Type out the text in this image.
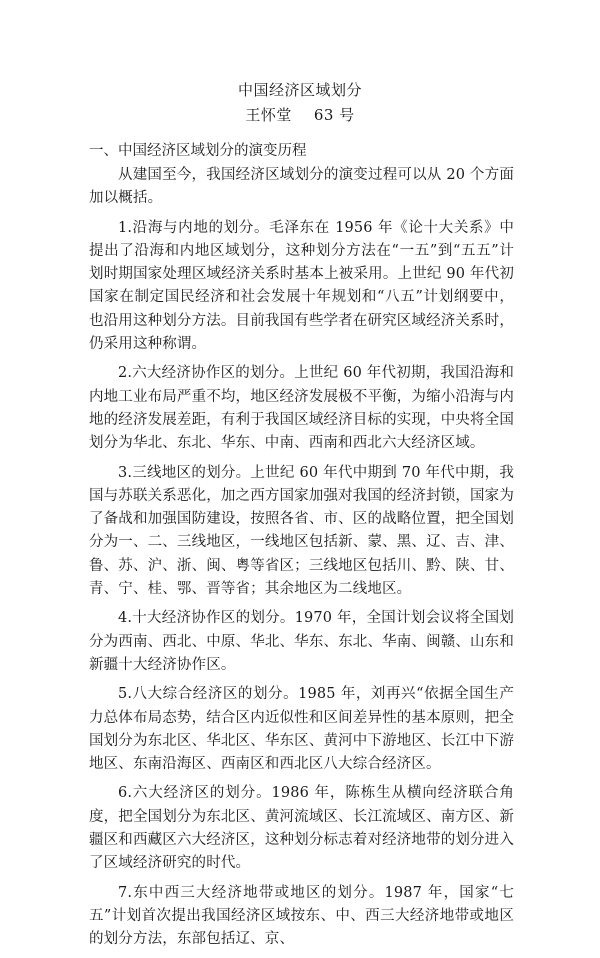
中国经济区域划分
王怀堂 63 号
一、中国经济区域划分的演变历程

从建国至今，我国经济区域划分的演变过程可以从 20 个方面加以概括。

1.沿海与内地的划分。毛泽东在 1956 年《论十大关系》中提出了沿海和内地区域划分，这种划分方法在“一五”到“五五”计划时期国家处理区域经济关系时基本上被采用。上世纪 90 年代初国家在制定国民经济和社会发展十年规划和“八五”计划纲要中，也沿用这种划分方法。目前我国有些学者在研究区域经济关系时，仍采用这种称谓。

2.六大经济协作区的划分。上世纪 60 年代初期，我国沿海和内地工业布局严重不均，地区经济发展极不平衡，为缩小沿海与内地的经济发展差距，有利于我国区域经济目标的实现，中央将全国划分为华北、东北、华东、中南、西南和西北六大经济区域。

3.三线地区的划分。上世纪 60 年代中期到 70 年代中期，我国与苏联关系恶化，加之西方国家加强对我国的经济封锁，国家为了备战和加强国防建设，按照各省、市、区的战略位置，把全国划分为一、二、三线地区，一线地区包括新、蒙、黑、辽、吉、津、鲁、苏、沪、浙、闽、粤等省区；三线地区包括川、黔、陕、甘、青、宁、桂、鄂、晋等省；其余地区为二线地区。

4.十大经济协作区的划分。1970 年，全国计划会议将全国划分为西南、西北、中原、华北、华东、东北、华南、闽赣、山东和新疆十大经济协作区。

5.八大综合经济区的划分。1985 年，刘再兴“依据全国生产力总体布局态势，结合区内近似性和区间差异性的基本原则，把全国划分为东北区、华北区、华东区、黄河中下游地区、长江中下游地区、东南沿海区、西南区和西北区八大综合经济区。

6.六大经济区的划分。1986 年，陈栋生从横向经济联合角度，把全国划分为东北区、黄河流域区、长江流域区、南方区、新疆区和西藏区六大经济区，这种划分标志着对经济地带的划分进入了区域经济研究的时代。

7.东中西三大经济地带或地区的划分。1987 年，国家“七五”计划首次提出我国经济区域按东、中、西三大经济地带或地区的划分方法，东部包括辽、京、
